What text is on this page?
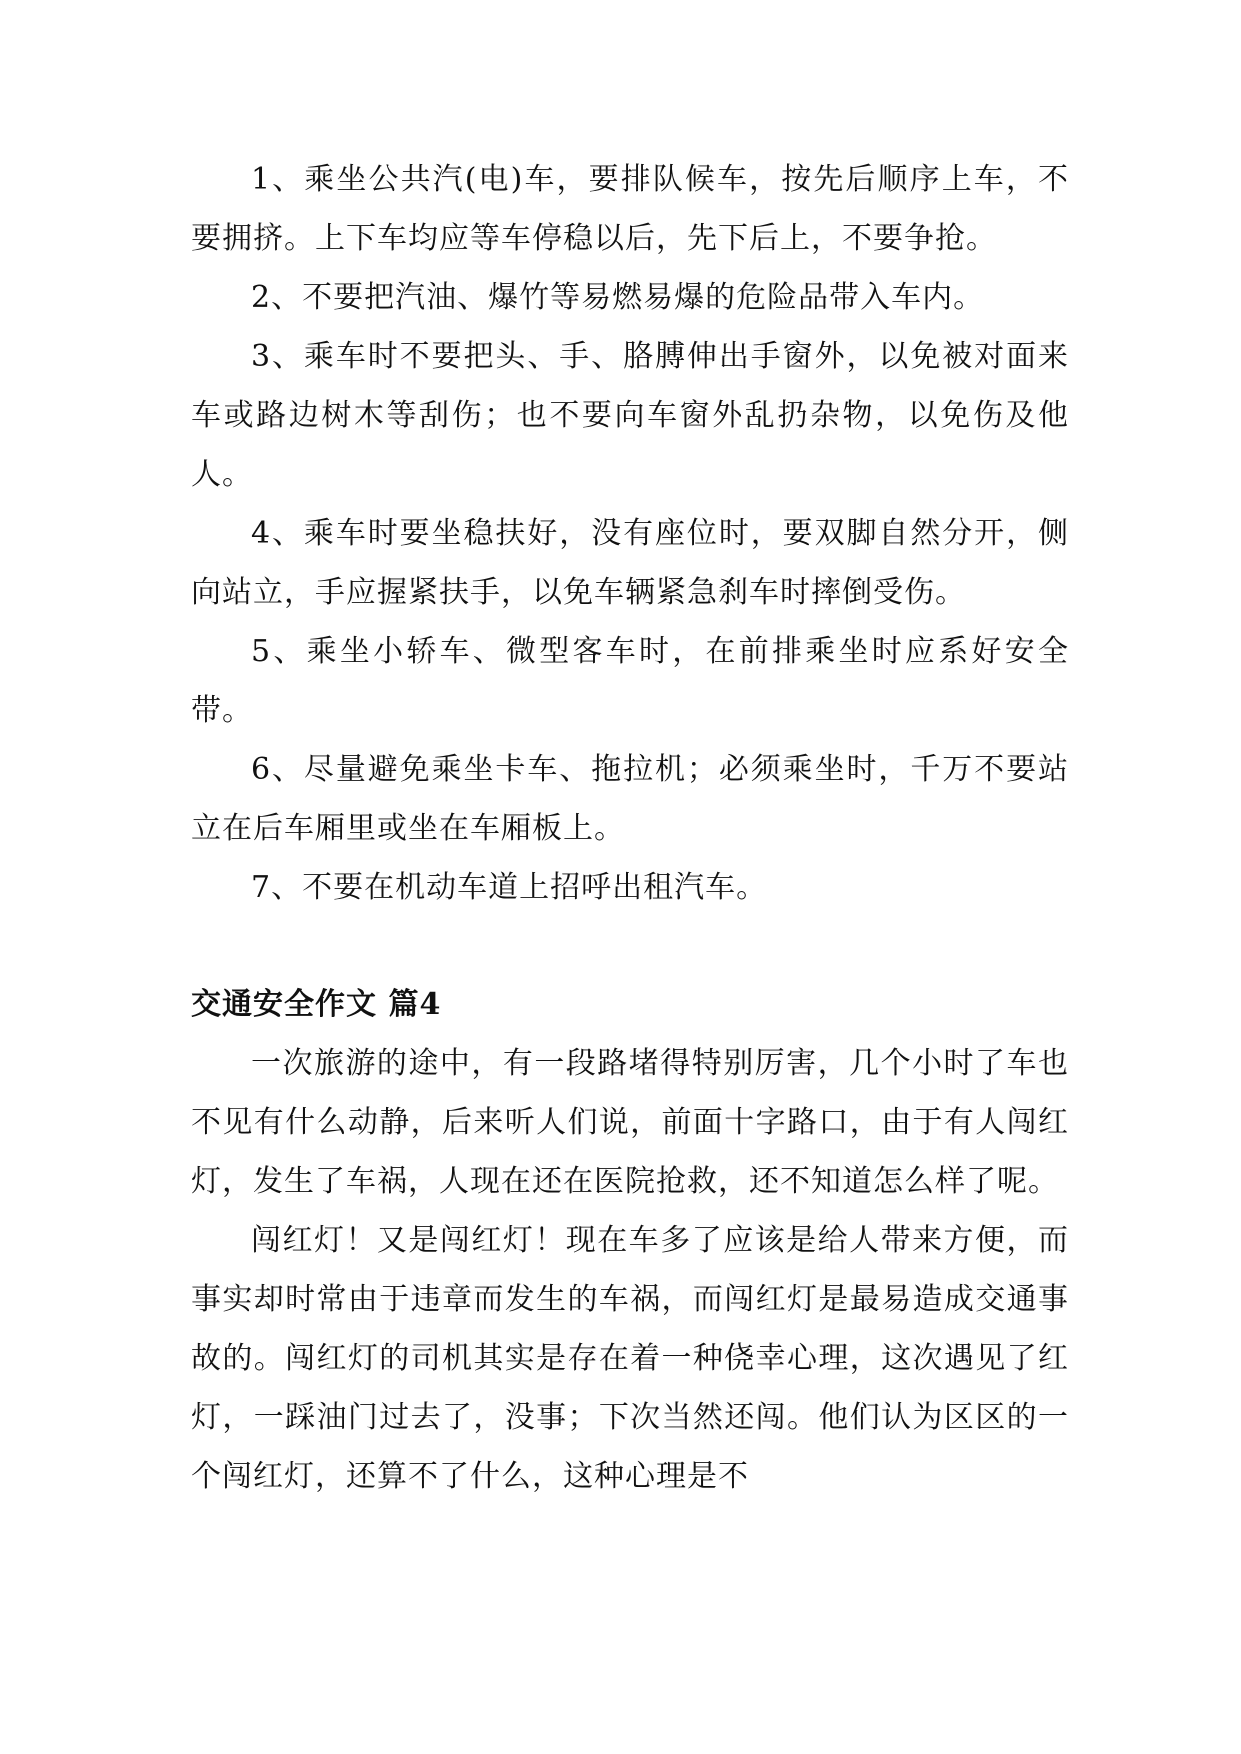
1、乘坐公共汽(电)车，要排队候车，按先后顺序上车，不要拥挤。上下车均应等车停稳以后，先下后上，不要争抢。

2、不要把汽油、爆竹等易燃易爆的危险品带入车内。

3、乘车时不要把头、手、胳膊伸出手窗外，以免被对面来车或路边树木等刮伤；也不要向车窗外乱扔杂物，以免伤及他人。

4、乘车时要坐稳扶好，没有座位时，要双脚自然分开，侧向站立，手应握紧扶手，以免车辆紧急刹车时摔倒受伤。

5、乘坐小轿车、微型客车时，在前排乘坐时应系好安全带。

6、尽量避免乘坐卡车、拖拉机；必须乘坐时，千万不要站立在后车厢里或坐在车厢板上。

7、不要在机动车道上招呼出租汽车。

交通安全作文 篇4

一次旅游的途中，有一段路堵得特别厉害，几个小时了车也不见有什么动静，后来听人们说，前面十字路口，由于有人闯红灯，发生了车祸，人现在还在医院抢救，还不知道怎么样了呢。

闯红灯！又是闯红灯！现在车多了应该是给人带来方便，而事实却时常由于违章而发生的车祸，而闯红灯是最易造成交通事故的。闯红灯的司机其实是存在着一种侥幸心理，这次遇见了红灯，一踩油门过去了，没事；下次当然还闯。他们认为区区的一个闯红灯，还算不了什么，这种心理是不
